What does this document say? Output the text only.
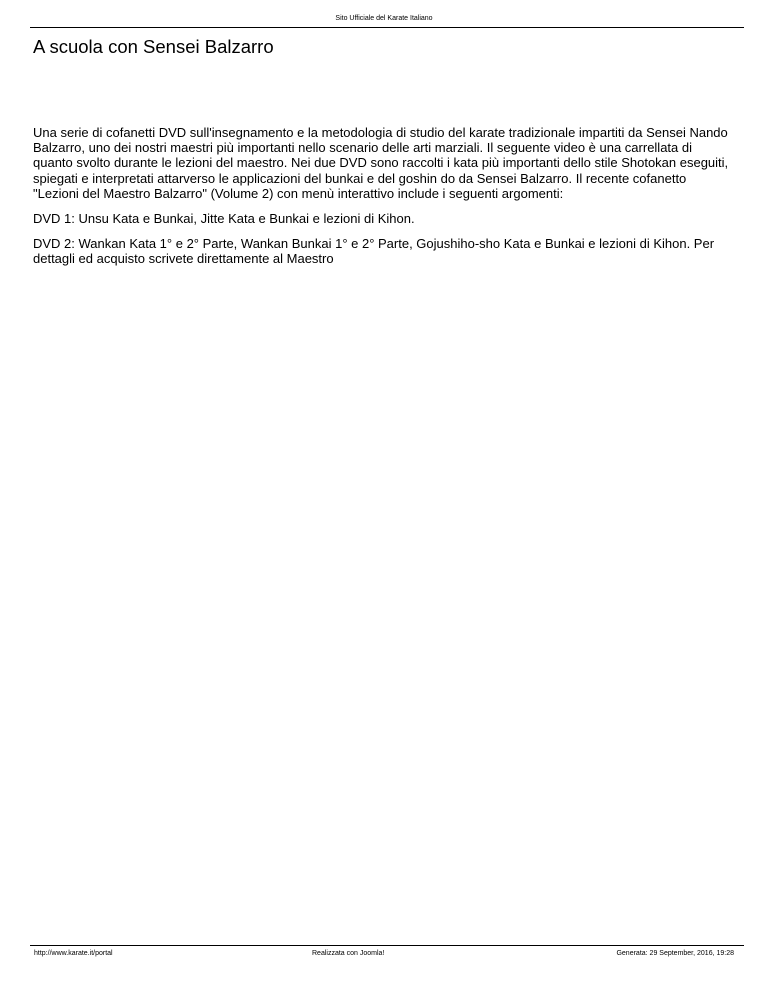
Sito Ufficiale del Karate Italiano
A scuola con Sensei Balzarro

Una serie di cofanetti DVD sull'insegnamento e la metodologia di studio del karate tradizionale impartiti da Sensei Nando Balzarro, uno dei nostri maestri più importanti nello scenario delle arti marziali. Il seguente video è una carrellata di quanto svolto durante le lezioni del maestro. Nei due DVD sono raccolti i kata più importanti dello stile Shotokan eseguiti, spiegati e interpretati attarverso le applicazioni del bunkai e del goshin do da Sensei Balzarro. Il recente cofanetto "Lezioni del Maestro Balzarro" (Volume 2) con menù interattivo include i seguenti argomenti:

DVD 1: Unsu Kata e Bunkai, Jitte Kata e Bunkai e lezioni di Kihon.

DVD 2: Wankan Kata 1° e 2° Parte, Wankan Bunkai 1° e 2° Parte, Gojushiho-sho Kata e Bunkai e lezioni di Kihon. Per dettagli ed acquisto scrivete direttamente al Maestro

http://www.karate.it/portal	Realizzata con Joomla!	Generata: 29 September, 2016, 19:28
